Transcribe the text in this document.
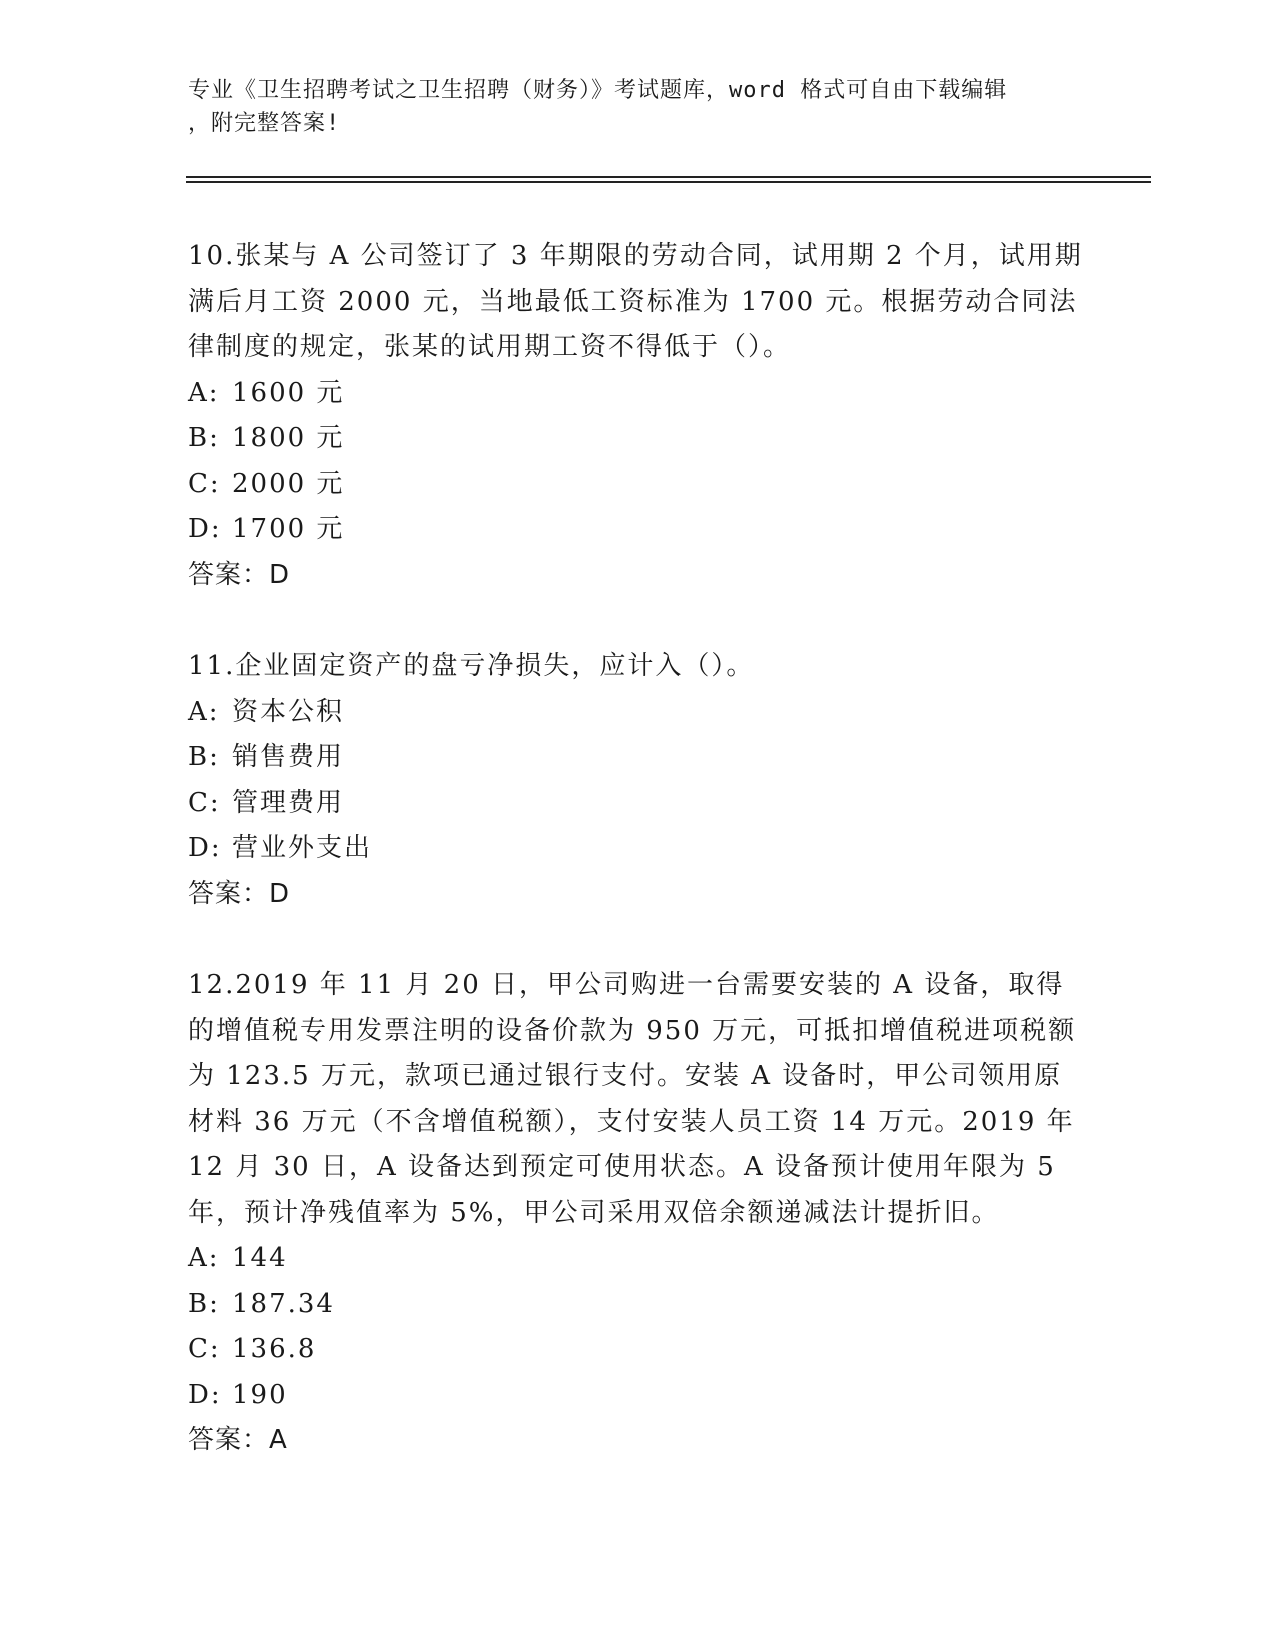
专业《卫生招聘考试之卫生招聘（财务）》考试题库，word 格式可自由下载编辑
，附完整答案!

10.张某与 A 公司签订了 3 年期限的劳动合同，试用期 2 个月，试用期满后月工资 2000 元，当地最低工资标准为 1700 元。根据劳动合同法律制度的规定，张某的试用期工资不得低于（）。

A: 1600 元

B: 1800 元

C: 2000 元

D: 1700 元

答案：D

11.企业固定资产的盘亏净损失，应计入（）。

A: 资本公积

B: 销售费用

C: 管理费用

D: 营业外支出

答案：D

12.2019 年 11 月 20 日，甲公司购进一台需要安装的 A 设备，取得的增值税专用发票注明的设备价款为 950 万元，可抵扣增值税进项税额为 123.5 万元，款项已通过银行支付。安装 A 设备时，甲公司领用原材料 36 万元（不含增值税额），支付安装人员工资 14 万元。2019 年 12 月 30 日，A 设备达到预定可使用状态。A 设备预计使用年限为 5 年，预计净残值率为 5%，甲公司采用双倍余额递减法计提折旧。

A: 144

B: 187.34

C: 136.8

D: 190

答案：A
